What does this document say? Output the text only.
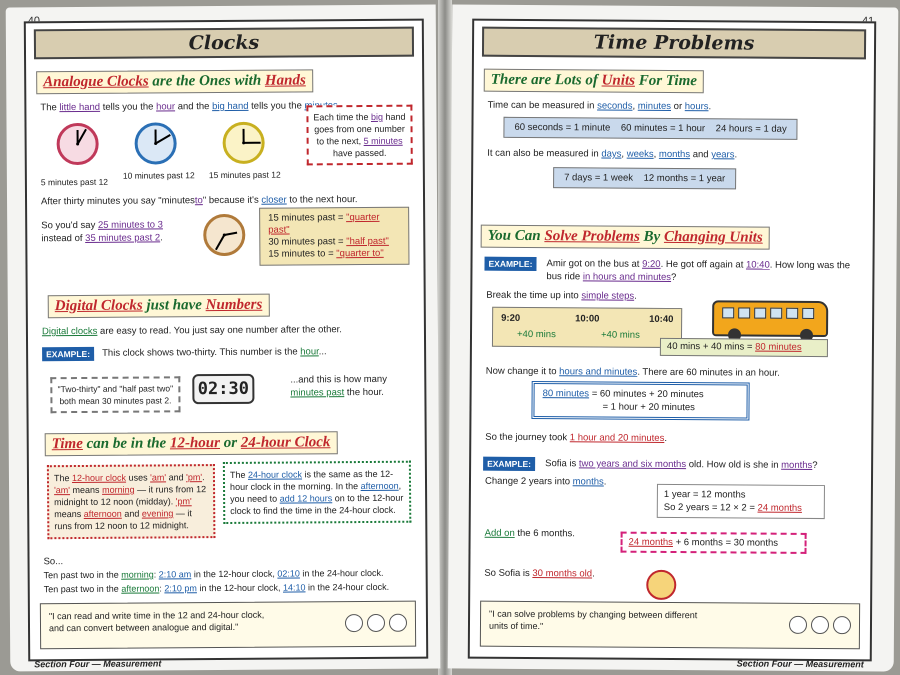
Clocks
Analogue Clocks are the Ones with Hands
The little hand tells you the hour and the big hand tells you the
5 minutes past 12
10 minutes past 12 15 minutes past 12
Each time the big hand goes from one number to the next, 5 minutes have passed.
After thirty minutes you say "minutesto" because it's closer to the next hour.
So you'd say 25 minutes to 3 instead of 35 minutes past 2.
15 minutes past = "quarter past"
30 minutes past = "half past"
15 minutes to = "quarter to"
Digital Clocks just have Numbers
Digital clocks are easy to read. You just say one number after the other.
EXAMPLE:	This clock shows two-thirty. This number is the hour...
"Two-thirty" and "half past two" both mean 30 minutes past 2.
02:30	...and this is how many minutes past the hour.
Time can be in the 12-hour or 24-hour Clock
The 12-hour clock uses 'am' and 'pm'. 'am' means morning — it runs from 12 midnight to 12 noon (midday). 'pm' means afternoon and evening — it runs from 12 noon to 12 midnight.
The 24-hour clock is the same as the 12-hour clock in the morning. In the afternoon, you need to add 12 hours on to the 12-hour clock to find the time in the 24-hour clock.
So...
Ten past two in the morning: 2:10 am in the 12-hour clock, 02:10 in the 24-hour clock.
Ten past two in the afternoon: 2:10 pm in the 12-hour clock, 14:10 in the 24-hour clock.
"I can read and write time in the 12 and 24-hour clock, and can convert between analogue and digital."
Section Four — Measurement
Time Problems
There are Lots of Units For Time
Time can be measured in seconds, minutes or hours.
60 seconds = 1 minute 60 minutes = 1 hour 24 hours = 1 day
It can also be measured in days, weeks, months and years.
7 days = 1 week 12 months = 1 year
You Can Solve Problems By Changing Units
EXAMPLE:	Amir got on the bus at 9:20. He got off again at 10:40. How long was the bus ride in hours and minutes?
Break the time up into simple steps.
9:20	10:00	10:40
+40 mins	+40 mins
40 mins + 40 mins = 80 minutes
Now change it to hours and minutes. There are 60 minutes in an hour.
80 minutes = 60 minutes + 20 minutes
= 1 hour + 20 minutes
So the journey took 1 hour and 20 minutes.
EXAMPLE:	Sofia is two years and six months old. How old is she in months?
Change 2 years into months.
1 year = 12 months
So 2 years = 12 × 2 = 24 months
Add on the 6 months.
24 months + 6 months = 30 months
So Sofia is 30 months old.
"I can solve problems by changing between different units of time."
Section Four — Measurement
